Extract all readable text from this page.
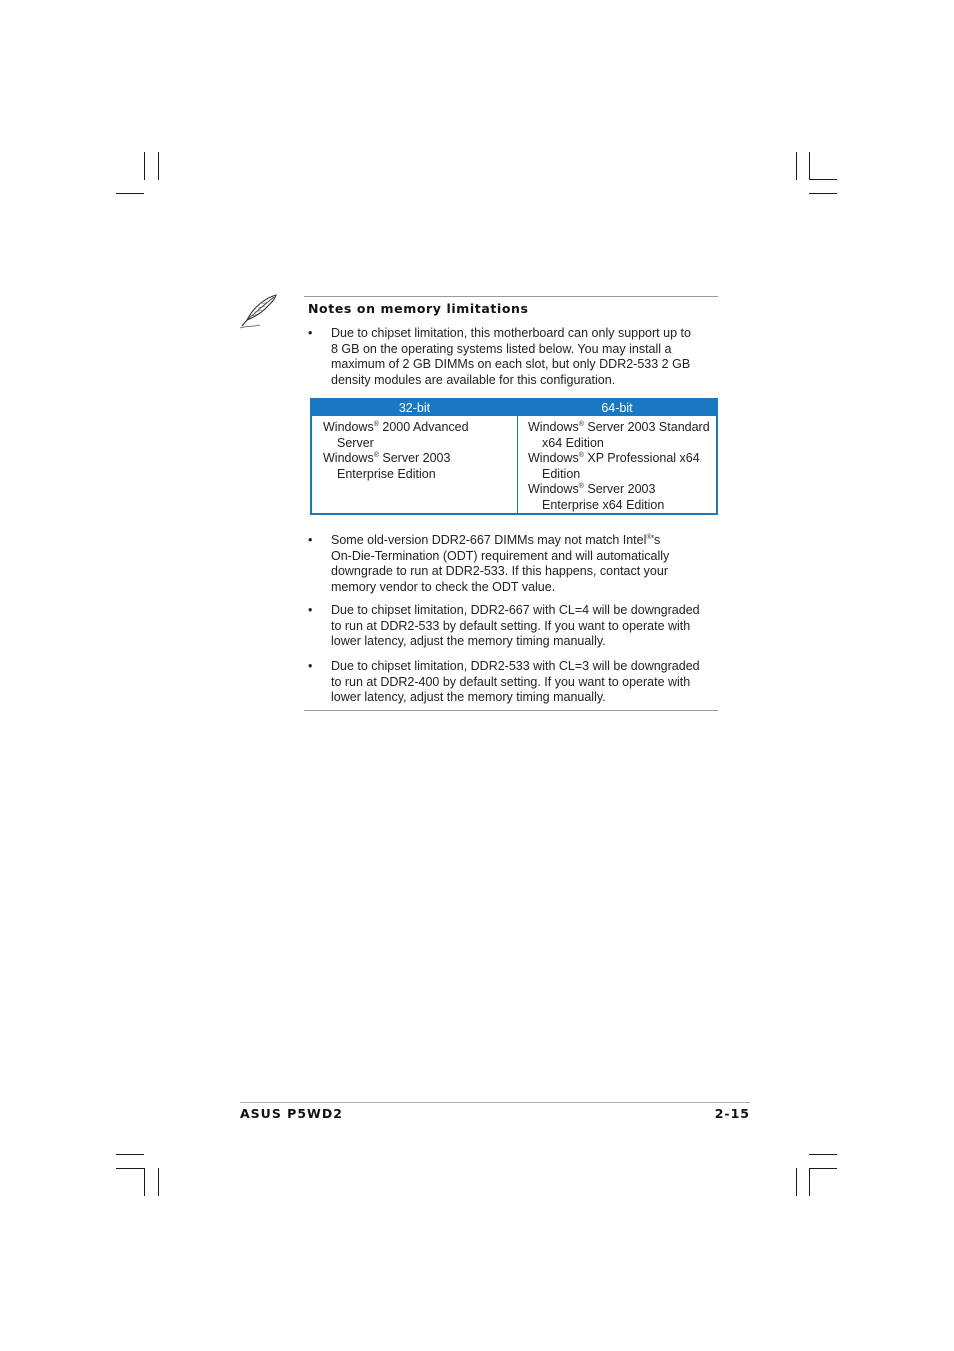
Notes on memory limitations
• Due to chipset limitation, this motherboard can only support up to
8 GB on the operating systems listed below. You may install a
maximum of 2 GB DIMMs on each slot, but only DDR2-533 2 GB
density modules are available for this configuration.
32-bit	64-bit
Windows® 2000 Advanced
Server
Windows® Server 2003
Enterprise Edition
Windows® Server 2003 Standard
x64 Edition
Windows® XP Professional x64
Edition
Windows® Server 2003
Enterprise x64 Edition
• Some old-version DDR2-667 DIMMs may not match Intel®'s
On-Die-Termination (ODT) requirement and will automatically
downgrade to run at DDR2-533. If this happens, contact your
memory vendor to check the ODT value.
• Due to chipset limitation, DDR2-667 with CL=4 will be downgraded
to run at DDR2-533 by default setting. If you want to operate with
lower latency, adjust the memory timing manually.
• Due to chipset limitation, DDR2-533 with CL=3 will be downgraded
to run at DDR2-400 by default setting. If you want to operate with
lower latency, adjust the memory timing manually.
ASUS P5WD2	2-15
